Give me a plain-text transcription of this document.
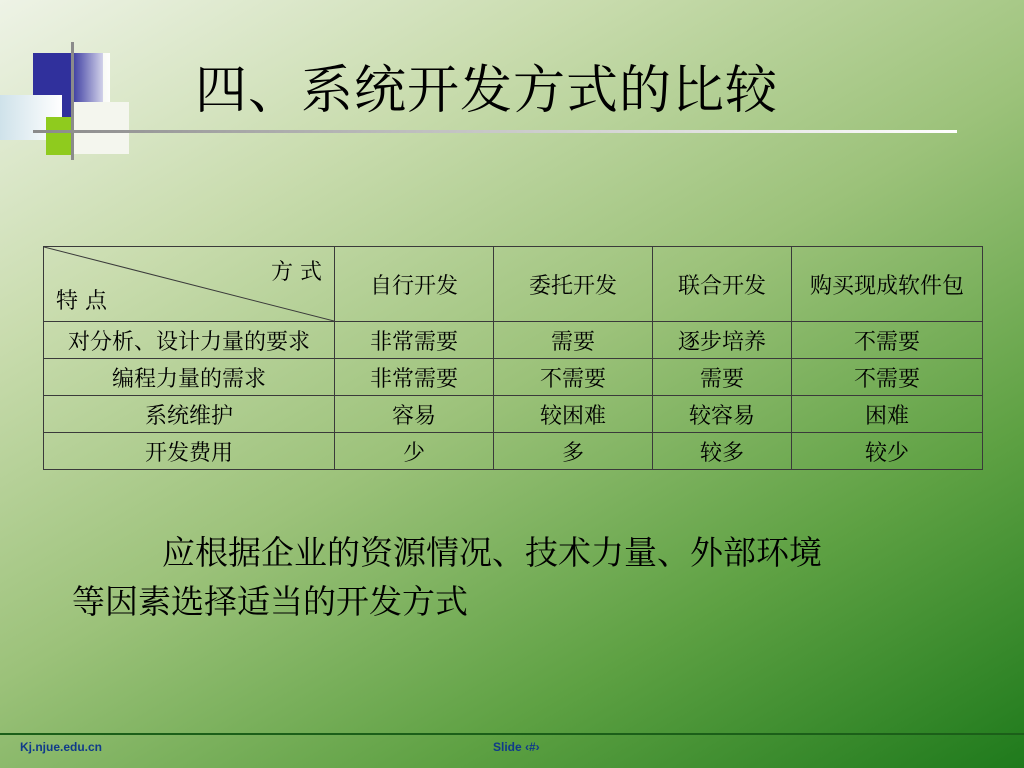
四、系统开发方式的比较
方 式
特 点	自行开发	委托开发	联合开发	购买现成软件包
对分析、设计力量的要求	非常需要	需要	逐步培养	不需要
编程力量的需求	非常需要	不需要	需要	不需要
系统维护	容易	较困难	较容易	困难
开发费用	少	多	较多	较少

应根据企业的资源情况、技术力量、外部环境
等因素选择适当的开发方式

Kj.njue.edu.cn	Slide ‹#›
